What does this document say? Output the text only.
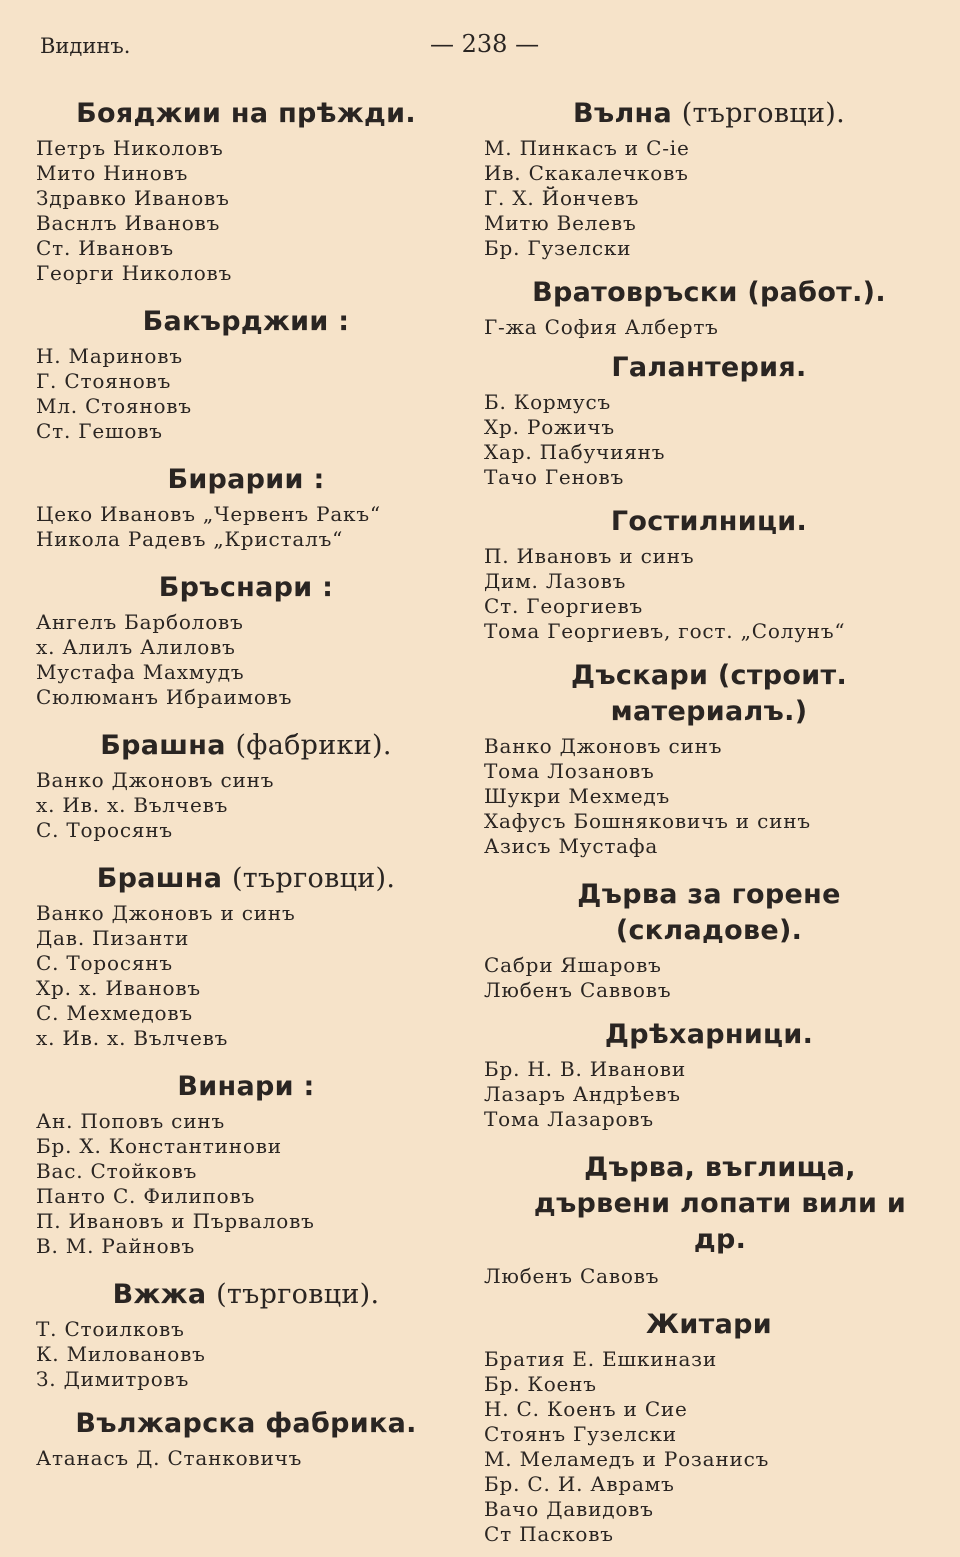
Видинъ.	— 238 —
Бояджии на прѣжди.
Петръ Николовъ
Мито Ниновъ
Здравко Ивановъ
Васнлъ Ивановъ
Ст. Ивановъ
Георги Николовъ
Бакърджии :
Н. Мариновъ
Г. Стояновъ
Мл. Стояновъ
Ст. Гешовъ
Бирарии :
Цеко Ивановъ „Червенъ Ракъ“
Никола Радевъ „Кристалъ“
Бръснари :
Ангелъ Барболовъ
х. Алилъ Алиловъ
Мустафа Махмудъ
Сюлюманъ Ибраимовъ
Брашна (фабрики).
Ванко Джоновъ синъ
х. Ив. х. Вълчевъ
С. Торосянъ
Брашна (търговци).
Ванко Джоновъ и синъ
Дав. Пизанти
С. Торосянъ
Хр. х. Ивановъ
С. Мехмедовъ
х. Ив. х. Вълчевъ
Винари :
Ан. Поповъ синъ
Бр. Х. Константинови
Вас. Стойковъ
Панто С. Филиповъ
П. Ивановъ и Първаловъ
В. М. Райновъ
Вжжа (търговци).
Т. Стоилковъ
К. Миловановъ
З. Димитровъ
Вължарска фабрика.
Атанасъ Д. Станковичъ
Вълна (търговци).
М. Пинкасъ и С-ie
Ив. Скакалечковъ
Г. Х. Йончевъ
Митю Велевъ
Бр. Гузелски
Вратовръски (работ.).
Г-жа София Албертъ
Галантерия.
Б. Кормусъ
Хр. Рожичъ
Хар. Пабучиянъ
Тачо Геновъ
Гостилници.
П. Ивановъ и синъ
Дим. Лазовъ
Ст. Георгиевъ
Тома Георгиевъ, гост. „Солунъ“
Дъскари (строит. материалъ.)
Ванко Джоновъ синъ
Тома Лозановъ
Шукри Мехмедъ
Хафусъ Бошняковичъ и синъ
Азисъ Мустафа
Дърва за горене (складове).
Сабри Яшаровъ
Любенъ Саввовъ
Дрѣхарници.
Бр. Н. В. Иванови
Лазаръ Андрѣевъ
Тома Лазаровъ
Дърва, въглища, дървени лопати вили и др.
Любенъ Савовъ
Житари
Братия Е. Ешкинази
Бр. Коенъ
Н. С. Коенъ и Сие
Стоянъ Гузелски
М. Меламедъ и Розанисъ
Бр. С. И. Аврамъ
Вачо Давидовъ
Ст Пасковъ
